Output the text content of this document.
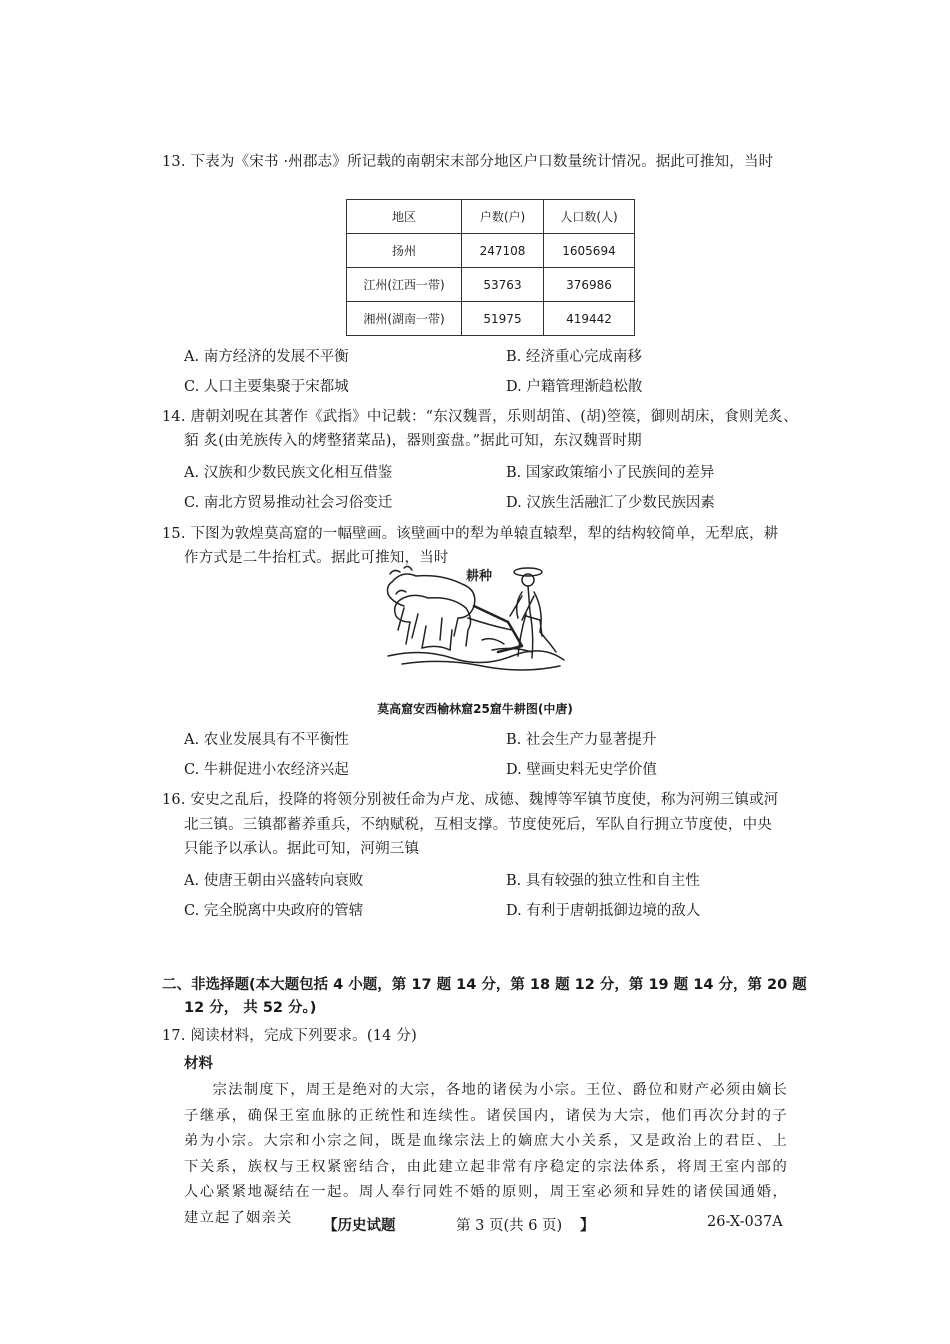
13. 下表为《宋书 ·州郡志》所记载的南朝宋末部分地区户口数量统计情况。据此可推知，当时
地区	户数(户)	人口数(人)
扬州	247108	1605694
江州(江西一带)	53763	376986
湘州(湖南一带)	51975	419442
A. 南方经济的发展不平衡	B. 经济重心完成南移
C. 人口主要集聚于宋都城	D. 户籍管理渐趋松散
14. 唐朝刘呪在其著作《武指》中记载：“东汉魏晋，乐则胡笛、(胡)箜篌，御则胡床，食则羌炙、
貊 炙(由羌族传入的烤整猪菜品)，器则蛮盘。”据此可知，东汉魏晋时期
A. 汉族和少数民族文化相互借鉴	B. 国家政策缩小了民族间的差异
C. 南北方贸易推动社会习俗变迁	D. 汉族生活融汇了少数民族因素
15. 下图为敦煌莫高窟的一幅壁画。该壁画中的犁为单辕直辕犁，犁的结构较简单，无犁底，耕
作方式是二牛抬杠式。据此可推知，当时
耕种
莫高窟安西榆林窟25窟牛耕图(中唐)
A. 农业发展具有不平衡性	B. 社会生产力显著提升
C. 牛耕促进小农经济兴起	D. 壁画史料无史学价值
16. 安史之乱后，投降的将领分别被任命为卢龙、成德、魏博等军镇节度使，称为河朔三镇或河
北三镇。三镇都蓄养重兵，不纳赋税，互相支撑。节度使死后，军队自行拥立节度使，中央
只能予以承认。据此可知，河朔三镇
A. 使唐王朝由兴盛转向衰败	B. 具有较强的独立性和自主性
C. 完全脱离中央政府的管辖	D. 有利于唐朝抵御边境的敌人
二、非选择题(本大题包括 4 小题，第 17 题 14 分，第 18 题 12 分，第 19 题 14 分，第 20 题
12 分， 共 52 分。)
17. 阅读材料，完成下列要求。(14 分)
材料
宗法制度下，周王是绝对的大宗，各地的诸侯为小宗。王位、爵位和财产必须由嫡长子继承，确保王室血脉的正统性和连续性。诸侯国内，诸侯为大宗，他们再次分封的子弟为小宗。大宗和小宗之间，既是血缘宗法上的嫡庶大小关系，又是政治上的君臣、上下关系，族权与王权紧密结合，由此建立起非常有序稳定的宗法体系，将周王室内部的人心紧紧地凝结在一起。周人奉行同姓不婚的原则，周王室必须和异姓的诸侯国通婚，建立起了姻亲关	【历史试题	第 3 页(共 6 页) 】	26-X-037A
